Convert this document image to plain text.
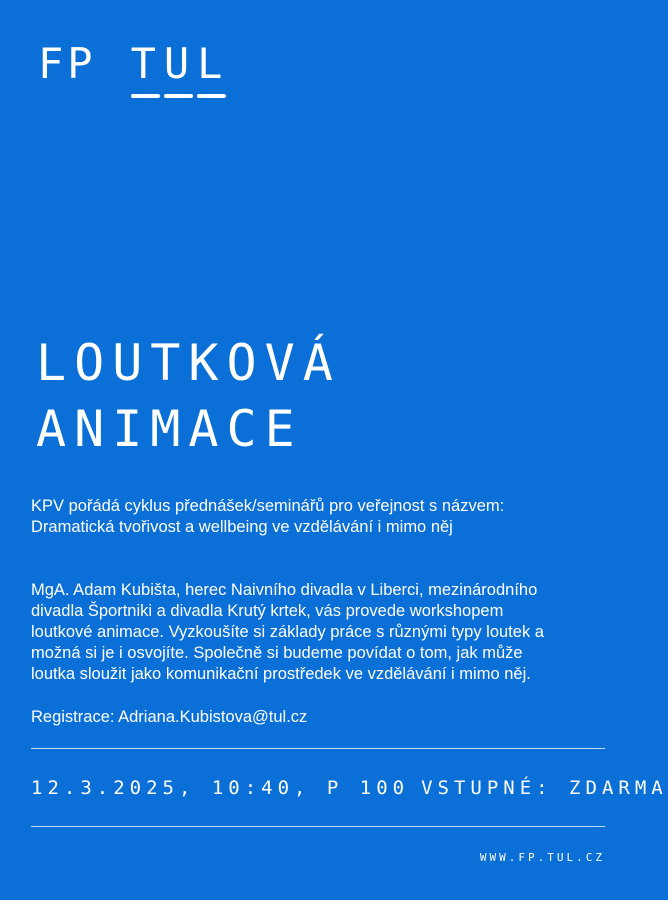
FP T U L
LOUTKOVÁ
ANIMACE
KPV pořádá cyklus přednášek/seminářů pro veřejnost s názvem:
Dramatická tvořivost a wellbeing ve vzdělávání i mimo něj
MgA. Adam Kubišta, herec Naivního divadla v Liberci, mezinárodního
divadla Športniki a divadla Krutý krtek, vás provede workshopem
loutkové animace. Vyzkoušíte si základy práce s různými typy loutek a
možná si je i osvojíte. Společně si budeme povídat o tom, jak může
loutka sloužit jako komunikační prostředek ve vzdělávání i mimo něj.
Registrace: Adriana.Kubistova@tul.cz
12.3.2025, 10:40, P 100 VSTUPNÉ: ZDARMA
WWW.FP.TUL.CZ
